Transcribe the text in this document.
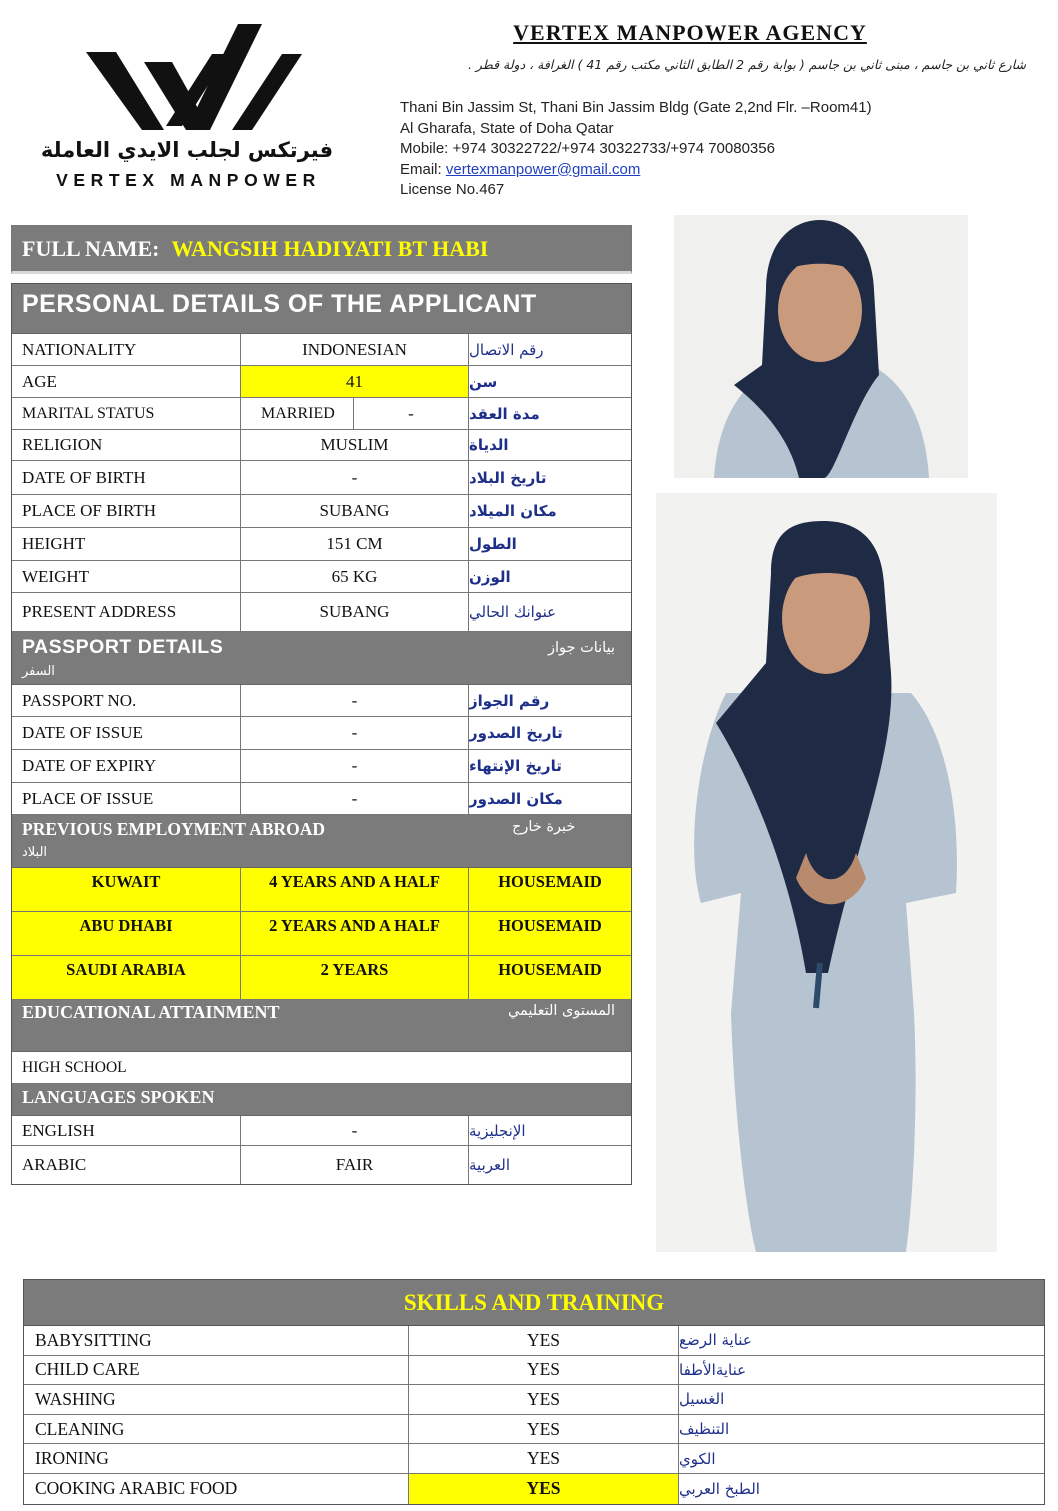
فيرتكس لجلب الايدي العاملة
VERTEX MANPOWER
VERTEX MANPOWER AGENCY
شارع ثاني بن جاسم ، مبنى ثاني بن جاسم ( بوابة رقم 2 الطابق الثاني مكتب رقم 41 ) الغرافة ، دولة قطر .
Thani Bin Jassim St, Thani Bin Jassim Bldg (Gate 2,2nd Flr. –Room41)
Al Gharafa, State of Doha Qatar
Mobile: +974 30322722/+974 30322733/+974 70080356
Email: vertexmanpower@gmail.com
License No.467
FULL NAME: WANGSIH HADIYATI BT HABI
PERSONAL DETAILS OF THE APPLICANT
NATIONALITY	INDONESIAN	رقم الاتصال
AGE	41	سن
MARITAL STATUS	MARRIED	-	مدة العقد
RELIGION	MUSLIM	الدياة
DATE OF BIRTH	-	تاريخ البلاد
PLACE OF BIRTH	SUBANG	مكان الميلاد
HEIGHT	151 CM	الطول
WEIGHT	65 KG	الوزن
PRESENT ADDRESS	SUBANG	عنوانك الحالي
PASSPORT DETAILS	بيانات جواز
السفر
PASSPORT NO.	-	رقم الجواز
DATE OF ISSUE	-	تاريخ الصدور
DATE OF EXPIRY	-	تاريخ الإنتهاء
PLACE OF ISSUE	-	مكان الصدور
PREVIOUS EMPLOYMENT ABROAD	خبرة خارج
البلاد
KUWAIT	4 YEARS AND A HALF	HOUSEMAID
ABU DHABI	2 YEARS AND A HALF	HOUSEMAID
SAUDI ARABIA	2 YEARS	HOUSEMAID
EDUCATIONAL ATTAINMENT	المستوى التعليمي
HIGH SCHOOL
LANGUAGES SPOKEN
ENGLISH	-	الإنجليزية
ARABIC	FAIR	العربية
SKILLS AND TRAINING
BABYSITTING	YES	عناية الرضع
CHILD CARE	YES	عنايةالأطفا
WASHING	YES	الغسيل
CLEANING	YES	التنظيف
IRONING	YES	الكوي
COOKING ARABIC FOOD	YES	الطبخ العربي
